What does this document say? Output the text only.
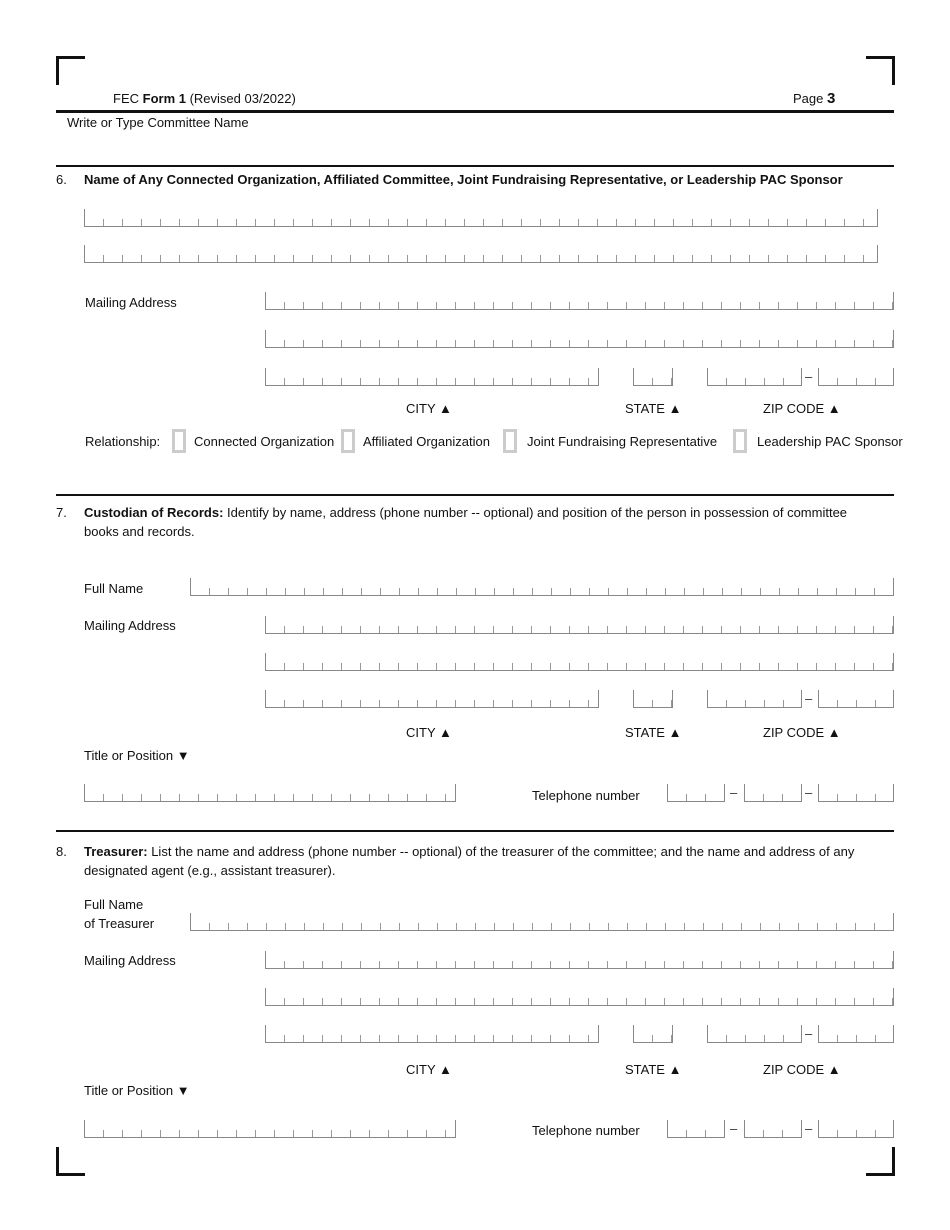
FEC Form 1 (Revised 03/2022)	Page 3
Write or Type Committee Name
6. Name of Any Connected Organization, Affiliated Committee, Joint Fundraising Representative, or Leadership PAC Sponsor
Mailing Address
–
CITY ▲	STATE ▲	ZIP CODE ▲
Relationship:	Connected Organization Affiliated Organization	Joint Fundraising Representative	Leadership PAC Sponsor
7. Custodian of Records: Identify by name, address (phone number -- optional) and position of the person in possession of committee books and records.
Full Name
Mailing Address
–
CITY ▲	STATE ▲	ZIP CODE ▲
Title or Position ▼
Telephone number	–	–
8. Treasurer: List the name and address (phone number -- optional) of the treasurer of the committee; and the name and address of any designated agent (e.g., assistant treasurer).
Full Name
of Treasurer
Mailing Address
–
CITY ▲	STATE ▲	ZIP CODE ▲
Title or Position ▼
Telephone number	–	–
